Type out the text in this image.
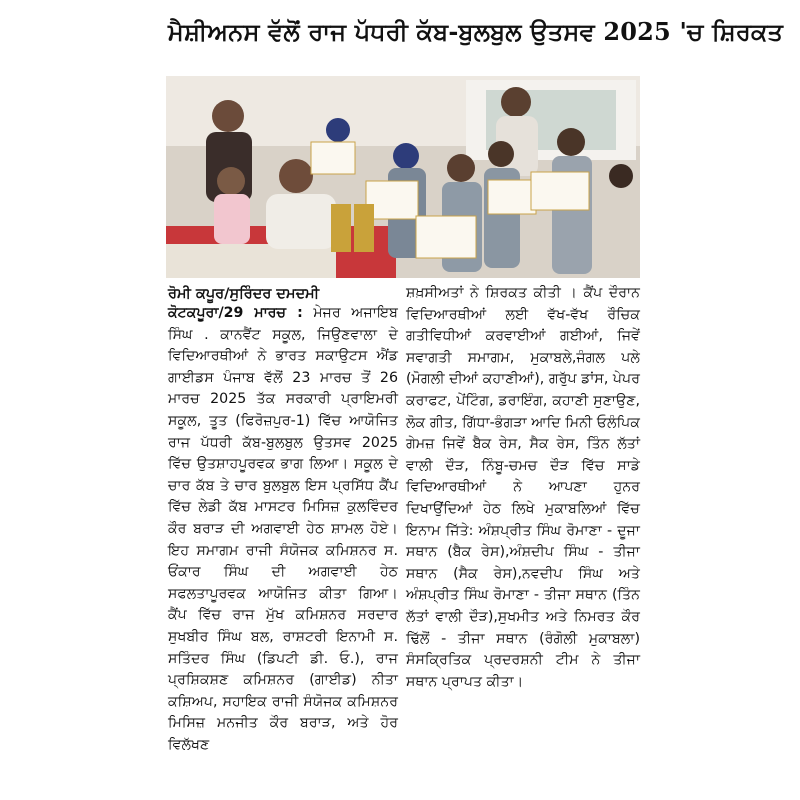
ਮੈਸ਼ੀਅਨਸ ਵੱਲੋਂ ਰਾਜ ਪੱਧਰੀ ਕੱਬ-ਬੁਲਬੁਲ ਉਤਸਵ 2025 'ਚ ਸ਼ਿਰਕਤ
ਰੋਮੀ ਕਪੂਰ/ਸੁਰਿੰਦਰ ਦਮਦਮੀ

ਕੋਟਕਪੂਰਾ/29 ਮਾਰਚ : ਮੇਜਰ ਅਜਾਇਬ ਸਿੰਘ . ਕਾਨਵੈਂਟ ਸਕੂਲ, ਜਿਉਣਵਾਲਾ ਦੇ ਵਿਦਿਆਰਥੀਆਂ ਨੇ ਭਾਰਤ ਸਕਾਉਟਸ ਐਂਡ ਗਾਈਡਸ ਪੰਜਾਬ ਵੱਲੋਂ 23 ਮਾਰਚ ਤੋਂ 26 ਮਾਰਚ 2025 ਤੱਕ ਸਰਕਾਰੀ ਪ੍ਰਾਇਮਰੀ ਸਕੂਲ, ਤੂਤ (ਫਿਰੋਜ਼ਪੁਰ-1) ਵਿੱਚ ਆਯੋਜਿਤ ਰਾਜ ਪੱਧਰੀ ਕੱਬ-ਬੁਲਬੁਲ ਉਤਸਵ 2025 ਵਿੱਚ ਉਤਸ਼ਾਹਪੂਰਵਕ ਭਾਗ ਲਿਆ। ਸਕੂਲ ਦੇ ਚਾਰ ਕੱਬ ਤੇ ਚਾਰ ਬੁਲਬੁਲ ਇਸ ਪ੍ਰਸਿੱਧ ਕੈਂਪ ਵਿੱਚ ਲੇਡੀ ਕੱਬ ਮਾਸਟਰ ਮਿਸਿਜ਼ ਕੁਲਵਿੰਦਰ ਕੌਰ ਬਰਾੜ ਦੀ ਅਗਵਾਈ ਹੇਠ ਸ਼ਾਮਲ ਹੋਏ। ਇਹ ਸਮਾਗਮ ਰਾਜੀ ਸੰਯੋਜਕ ਕਮਿਸ਼ਨਰ ਸ. ਓਂਕਾਰ ਸਿੰਘ ਦੀ ਅਗਵਾਈ ਹੇਠ ਸਫਲਤਾਪੂਰਵਕ ਆਯੋਜਿਤ ਕੀਤਾ ਗਿਆ। ਕੈਂਪ ਵਿੱਚ ਰਾਜ ਮੁੱਖ ਕਮਿਸ਼ਨਰ ਸਰਦਾਰ ਸੁਖਬੀਰ ਸਿੰਘ ਬਲ, ਰਾਸ਼ਟਰੀ ਇਨਾਮੀ ਸ. ਸਤਿੰਦਰ ਸਿੰਘ (ਡਿਪਟੀ ਡੀ. ਓ.), ਰਾਜ ਪ੍ਰਸ਼ਿਕਸ਼ਣ ਕਮਿਸ਼ਨਰ (ਗਾਈਡ) ਨੀਤਾ ਕਸ਼ਿਅਪ, ਸਹਾਇਕ ਰਾਜੀ ਸੰਯੋਜਕ ਕਮਿਸ਼ਨਰ ਮਿਸਿਜ਼ ਮਨਜੀਤ ਕੌਰ ਬਰਾੜ, ਅਤੇ ਹੋਰ ਵਿਲੱਖਣ

ਸ਼ਖ਼ਸੀਅਤਾਂ ਨੇ ਸ਼ਿਰਕਤ ਕੀਤੀ । ਕੈਂਪ ਦੌਰਾਨ ਵਿਦਿਆਰਥੀਆਂ ਲਈ ਵੱਖ-ਵੱਖ ਰੌਚਿਕ ਗਤੀਵਿਧੀਆਂ ਕਰਵਾਈਆਂ ਗਈਆਂ, ਜਿਵੇਂ ਸਵਾਗਤੀ ਸਮਾਗਮ, ਮੁਕਾਬਲੇ,ਜੰਗਲ ਪਲੇ (ਮੋਗਲੀ ਦੀਆਂ ਕਹਾਣੀਆਂ), ਗਰੁੱਪ ਡਾਂਸ, ਪੇਪਰ ਕਰਾਫਟ, ਪੇਂਟਿੰਗ, ਡਰਾਇੰਗ, ਕਹਾਣੀ ਸੁਣਾਉਣ, ਲੋਕ ਗੀਤ, ਗਿੱਧਾ-ਭੰਗੜਾ ਆਦਿ ਮਿਨੀ ਓਲੰਪਿਕ ਗੇਮਜ਼ ਜਿਵੇਂ ਬੈਕ ਰੇਸ, ਸੈਕ ਰੇਸ, ਤਿੰਨ ਲੱਤਾਂ ਵਾਲੀ ਦੌੜ, ਨਿੰਬੂ-ਚਮਚ ਦੌੜ ਵਿੱਚ ਸਾਡੇ ਵਿਦਿਆਰਥੀਆਂ ਨੇ ਆਪਣਾ ਹੁਨਰ ਦਿਖਾਉਂਦਿਆਂ ਹੇਠ ਲਿਖੇ ਮੁਕਾਬਲਿਆਂ ਵਿੱਚ ਇਨਾਮ ਜਿੱਤੇ: ਅੰਸ਼ਪ੍ਰੀਤ ਸਿੰਘ ਰੋਮਾਣਾ - ਦੂਜਾ ਸਥਾਨ (ਬੈਕ ਰੇਸ),ਅੰਸ਼ਦੀਪ ਸਿੰਘ - ਤੀਜਾ ਸਥਾਨ (ਸੈਕ ਰੇਸ),ਨਵਦੀਪ ਸਿੰਘ ਅਤੇ ਅੰਸ਼ਪ੍ਰੀਤ ਸਿੰਘ ਰੋਮਾਣਾ - ਤੀਜਾ ਸਥਾਨ (ਤਿੰਨ ਲੱਤਾਂ ਵਾਲੀ ਦੌੜ),ਸੁਖਮੀਤ ਅਤੇ ਨਿਮਰਤ ਕੌਰ ਢਿੱਲੋਂ - ਤੀਜਾ ਸਥਾਨ (ਰੰਗੋਲੀ ਮੁਕਾਬਲਾ) ਸੰਸਕ੍ਰਿਤਿਕ ਪ੍ਰਦਰਸ਼ਨੀ ਟੀਮ ਨੇ ਤੀਜਾ ਸਥਾਨ ਪ੍ਰਾਪਤ ਕੀਤਾ।
